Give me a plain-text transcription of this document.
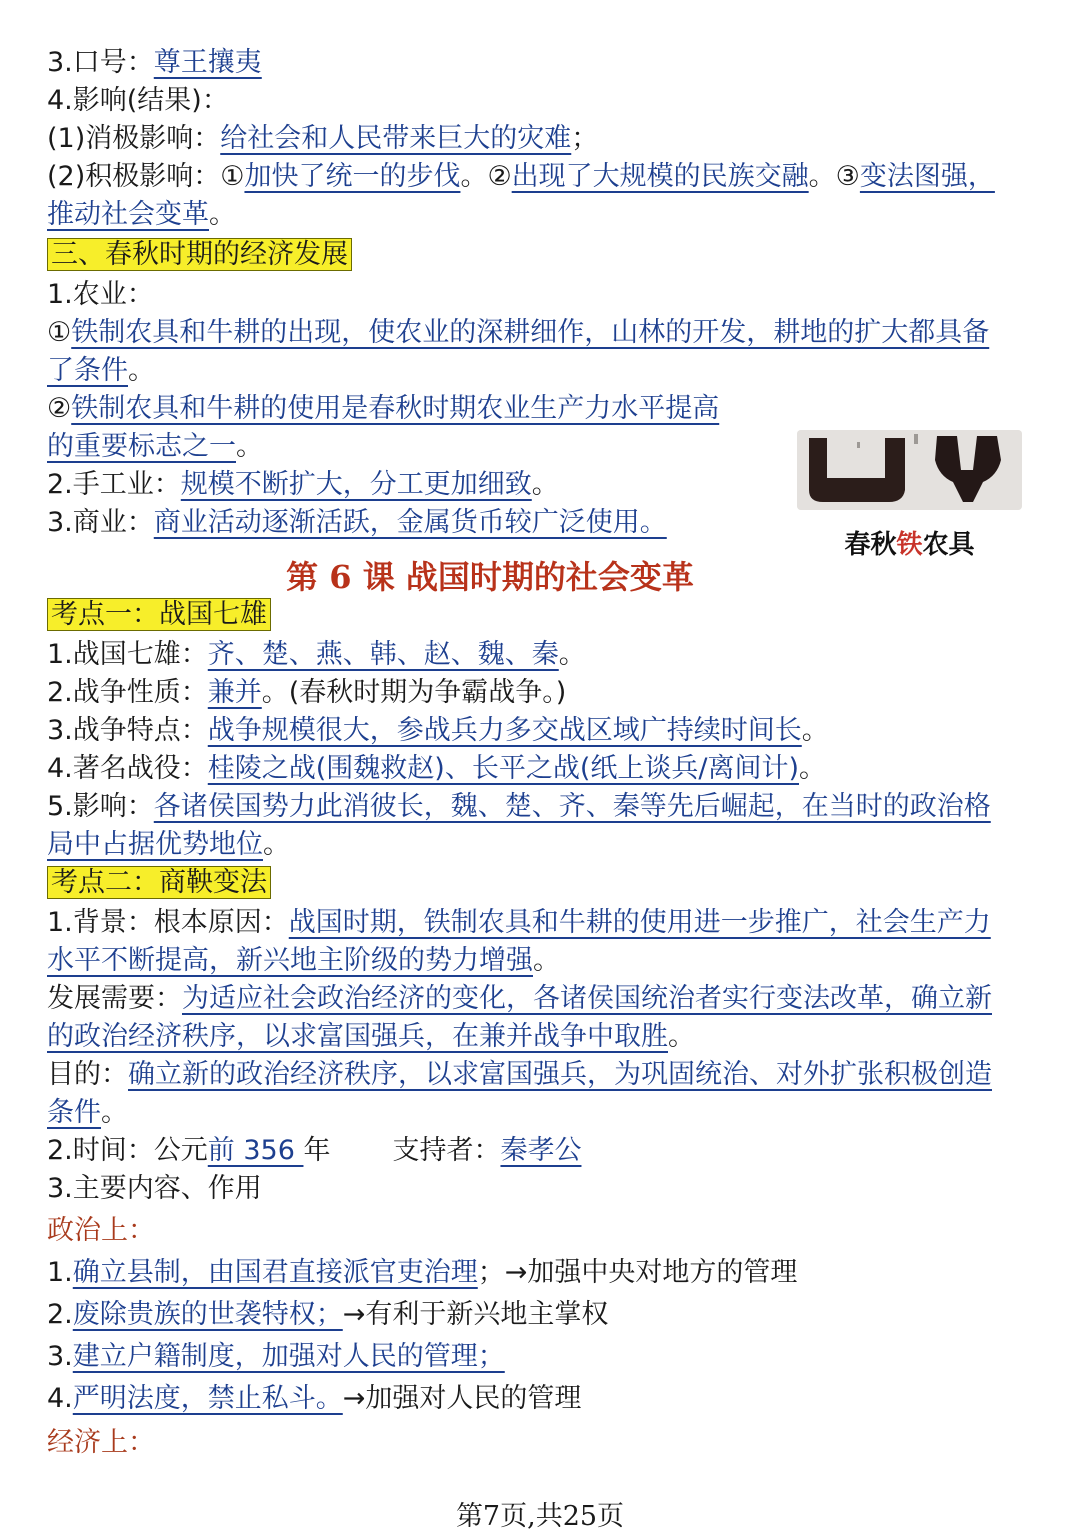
3.口号：尊王攘夷
4.影响(结果)：
(1)消极影响：给社会和人民带来巨大的灾难；
(2)积极影响：①加快了统一的步伐。②出现了大规模的民族交融。③变法图强，
推动社会变革。
三、春秋时期的经济发展
1.农业：
①铁制农具和牛耕的出现，使农业的深耕细作，山林的开发，耕地的扩大都具备
了条件。
②铁制农具和牛耕的使用是春秋时期农业生产力水平提高
的重要标志之一。
2.手工业：规模不断扩大，分工更加细致。
3.商业：商业活动逐渐活跃，金属货币较广泛使用。
春秋铁农具
第 6 课 战国时期的社会变革
考点一：战国七雄
1.战国七雄：齐、楚、燕、韩、赵、魏、秦。
2.战争性质：兼并。(春秋时期为争霸战争。)
3.战争特点：战争规模很大，参战兵力多交战区域广持续时间长。
4.著名战役：桂陵之战(围魏救赵)、长平之战(纸上谈兵/离间计)。
5.影响：各诸侯国势力此消彼长，魏、楚、齐、秦等先后崛起，在当时的政治格
局中占据优势地位。
考点二：商鞅变法
1.背景：根本原因：战国时期，铁制农具和牛耕的使用进一步推广，社会生产力
水平不断提高，新兴地主阶级的势力增强。
发展需要：为适应社会政治经济的变化，各诸侯国统治者实行变法改革，确立新
的政治经济秩序，以求富国强兵，在兼并战争中取胜。
目的：确立新的政治经济秩序，以求富国强兵，为巩固统治、对外扩张积极创造
条件。
2.时间：公元前 356 年 支持者：秦孝公
3.主要内容、作用
政治上：
1.确立县制，由国君直接派官吏治理；→加强中央对地方的管理
2.废除贵族的世袭特权；→有利于新兴地主掌权
3.建立户籍制度，加强对人民的管理；
4.严明法度，禁止私斗。→加强对人民的管理
经济上：
第7页,共25页
